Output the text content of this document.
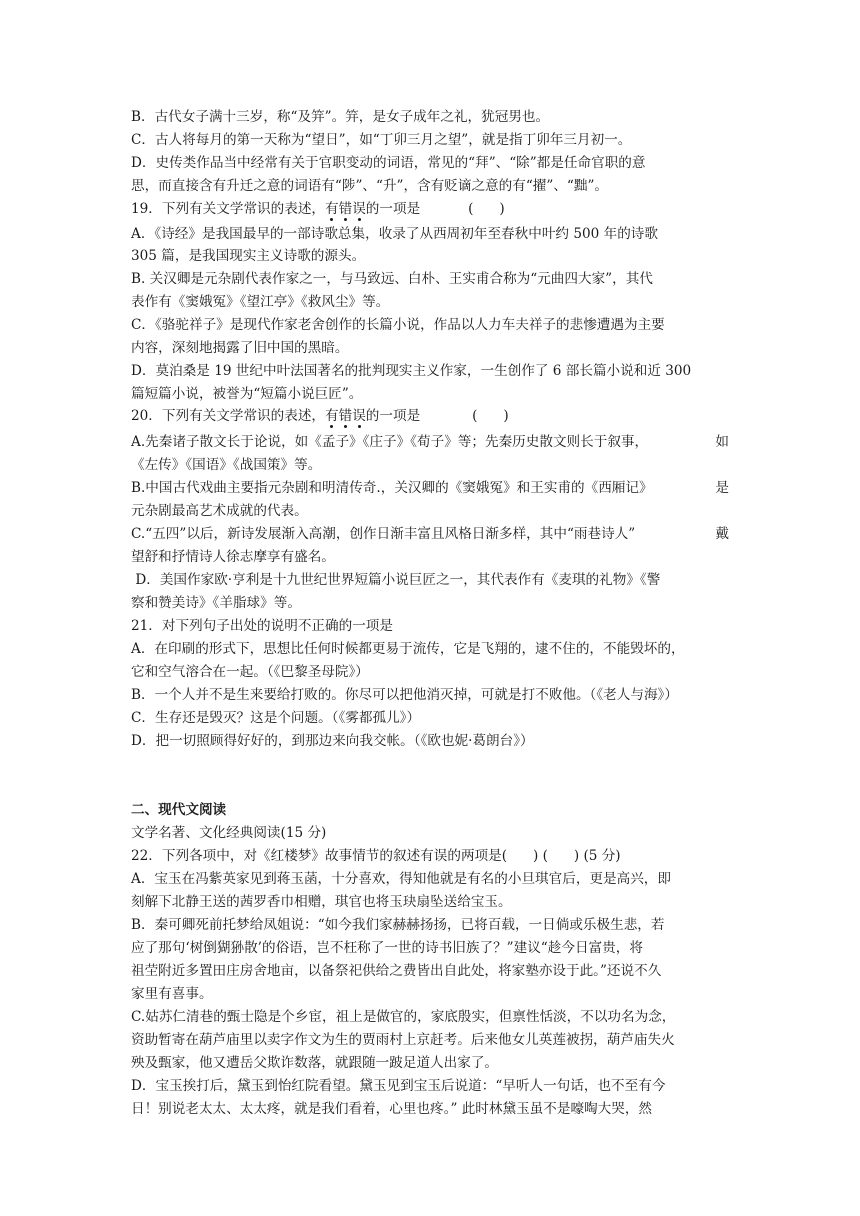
B．古代女子满十三岁，称“及笄”。笄，是女子成年之礼，犹冠男也。
C．古人将每月的第一天称为“望日”，如“丁卯三月之望”，就是指丁卯年三月初一。
D．史传类作品当中经常有关于官职变动的词语，常见的“拜”、“除”都是任命官职的意
思，而直接含有升迁之意的词语有“陟”、“升”，含有贬谪之意的有“擢”、“黜”。
19．下列有关文学常识的表述，有错误的一项是	(      )
A．《诗经》是我国最早的一部诗歌总集，收录了从西周初年至春秋中叶约 500 年的诗歌
305 篇，是我国现实主义诗歌的源头。
B. 关汉卿是元杂剧代表作家之一，与马致远、白朴、王实甫合称为“元曲四大家”，其代
表作有《窦娥冤》《望江亭》《救风尘》等。
C．《骆驼祥子》是现代作家老舍创作的长篇小说，作品以人力车夫祥子的悲惨遭遇为主要
内容，深刻地揭露了旧中国的黑暗。
D．莫泊桑是 19 世纪中叶法国著名的批判现实主义作家，一生创作了 6 部长篇小说和近 300
篇短篇小说，被誉为“短篇小说巨匠”。
20．下列有关文学常识的表述，有错误的一项是	(      )
A.先秦诸子散文长于论说，如《孟子》《庄子》《荀子》等；先秦历史散文则长于叙事，	如
《左传》《国语》《战国策》等。
B.中国古代戏曲主要指元杂剧和明清传奇.，关汉卿的《窦娥冤》和王实甫的《西厢记》	是
元杂剧最高艺术成就的代表。
C.“五四”以后，新诗发展渐入高潮，创作日渐丰富且风格日渐多样，其中“雨巷诗人”	戴
望舒和抒情诗人徐志摩享有盛名。
D．美国作家欧·亨利是十九世纪世界短篇小说巨匠之一，其代表作有《麦琪的礼物》《警
察和赞美诗》《羊脂球》等。
21．对下列句子出处的说明不正确的一项是
A．在印刷的形式下，思想比任何时候都更易于流传，它是飞翔的，逮不住的，不能毁坏的，
它和空气溶合在一起。（《巴黎圣母院》）
B．一个人并不是生来要给打败的。你尽可以把他消灭掉，可就是打不败他。（《老人与海》）
C．生存还是毁灭？这是个问题。（《雾都孤儿》）
D．把一切照顾得好好的，到那边来向我交帐。（《欧也妮·葛朗台》）
二、现代文阅读
文学名著、文化经典阅读(15 分)
22．下列各项中，对《红楼梦》故事情节的叙述有误的两项是(      ) (      ) (5 分)
A．宝玉在冯紫英家见到蒋玉菡，十分喜欢，得知他就是有名的小旦琪官后，更是高兴，即
刻解下北静王送的茜罗香巾相赠，琪官也将玉玦扇坠送给宝玉。
B．秦可卿死前托梦给凤姐说：“如今我们家赫赫扬扬，已将百载，一日倘或乐极生悲，若
应了那句‘树倒猢狲散’的俗语，岂不枉称了一世的诗书旧族了？”建议“趁今日富贵，将
祖茔附近多置田庄房舍地亩，以备祭祀供给之费皆出自此处，将家塾亦设于此。”还说不久
家里有喜事。
C.姑苏仁清巷的甄士隐是个乡宦，祖上是做官的，家底殷实，但禀性恬淡，不以功名为念，
资助暂寄在葫芦庙里以卖字作文为生的贾雨村上京赶考。后来他女儿英莲被拐，葫芦庙失火
殃及甄家，他又遭岳父欺诈数落，就跟随一跛足道人出家了。
D．宝玉挨打后，黛玉到怡红院看望。黛玉见到宝玉后说道：“早听人一句话，也不至有今
日！别说老太太、太太疼，就是我们看着，心里也疼。” 此时林黛玉虽不是嚎啕大哭，然
